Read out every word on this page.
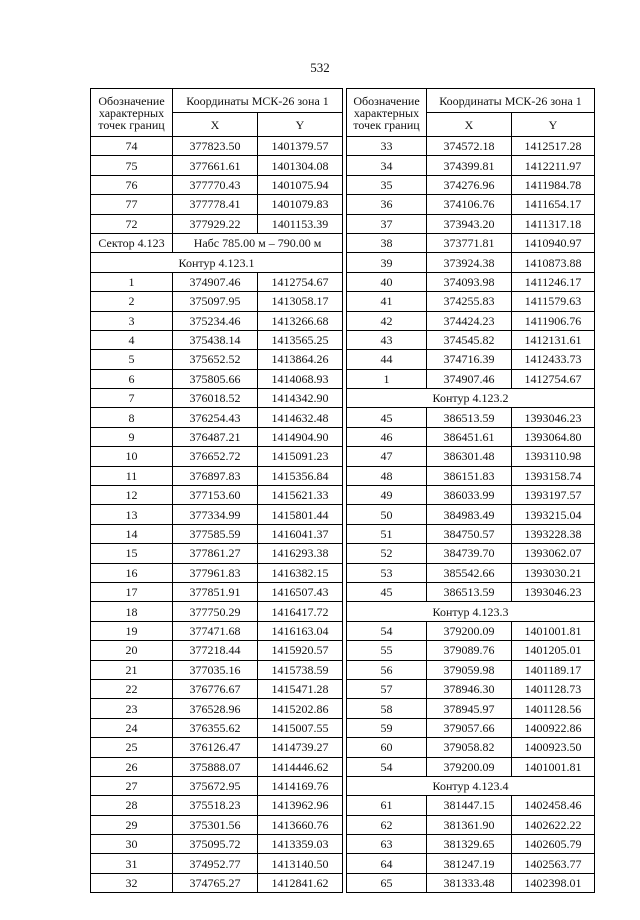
532
Обозначение характерных точек границ	Координаты МСК-26 зона 1	
	X	Y
74	377823.50	1401379.57
75	377661.61	1401304.08
76	377770.43	1401075.94
77	377778.41	1401079.83
72	377929.22	1401153.39
Сектор 4.123	Набс 785.00 м – 790.00 м	
Контур 4.123.1		
1	374907.46	1412754.67
2	375097.95	1413058.17
3	375234.46	1413266.68
4	375438.14	1413565.25
5	375652.52	1413864.26
6	375805.66	1414068.93
7	376018.52	1414342.90
8	376254.43	1414632.48
9	376487.21	1414904.90
10	376652.72	1415091.23
11	376897.83	1415356.84
12	377153.60	1415621.33
13	377334.99	1415801.44
14	377585.59	1416041.37
15	377861.27	1416293.38
16	377961.83	1416382.15
17	377851.91	1416507.43
18	377750.29	1416417.72
19	377471.68	1416163.04
20	377218.44	1415920.57
21	377035.16	1415738.59
22	376776.67	1415471.28
23	376528.96	1415202.86
24	376355.62	1415007.55
25	376126.47	1414739.27
26	375888.07	1414446.62
27	375672.95	1414169.76
28	375518.23	1413962.96
29	375301.56	1413660.76
30	375095.72	1413359.03
31	374952.77	1413140.50
32	374765.27	1412841.62
Обозначение характерных точек границ	Координаты МСК-26 зона 1	
	X	Y
33	374572.18	1412517.28
34	374399.81	1412211.97
35	374276.96	1411984.78
36	374106.76	1411654.17
37	373943.20	1411317.18
38	373771.81	1410940.97
39	373924.38	1410873.88
40	374093.98	1411246.17
41	374255.83	1411579.63
42	374424.23	1411906.76
43	374545.82	1412131.61
44	374716.39	1412433.73
1	374907.46	1412754.67
Контур 4.123.2		
45	386513.59	1393046.23
46	386451.61	1393064.80
47	386301.48	1393110.98
48	386151.83	1393158.74
49	386033.99	1393197.57
50	384983.49	1393215.04
51	384750.57	1393228.38
52	384739.70	1393062.07
53	385542.66	1393030.21
45	386513.59	1393046.23
Контур 4.123.3		
54	379200.09	1401001.81
55	379089.76	1401205.01
56	379059.98	1401189.17
57	378946.30	1401128.73
58	378945.97	1401128.56
59	379057.66	1400922.86
60	379058.82	1400923.50
54	379200.09	1401001.81
Контур 4.123.4		
61	381447.15	1402458.46
62	381361.90	1402622.22
63	381329.65	1402605.79
64	381247.19	1402563.77
65	381333.48	1402398.01
